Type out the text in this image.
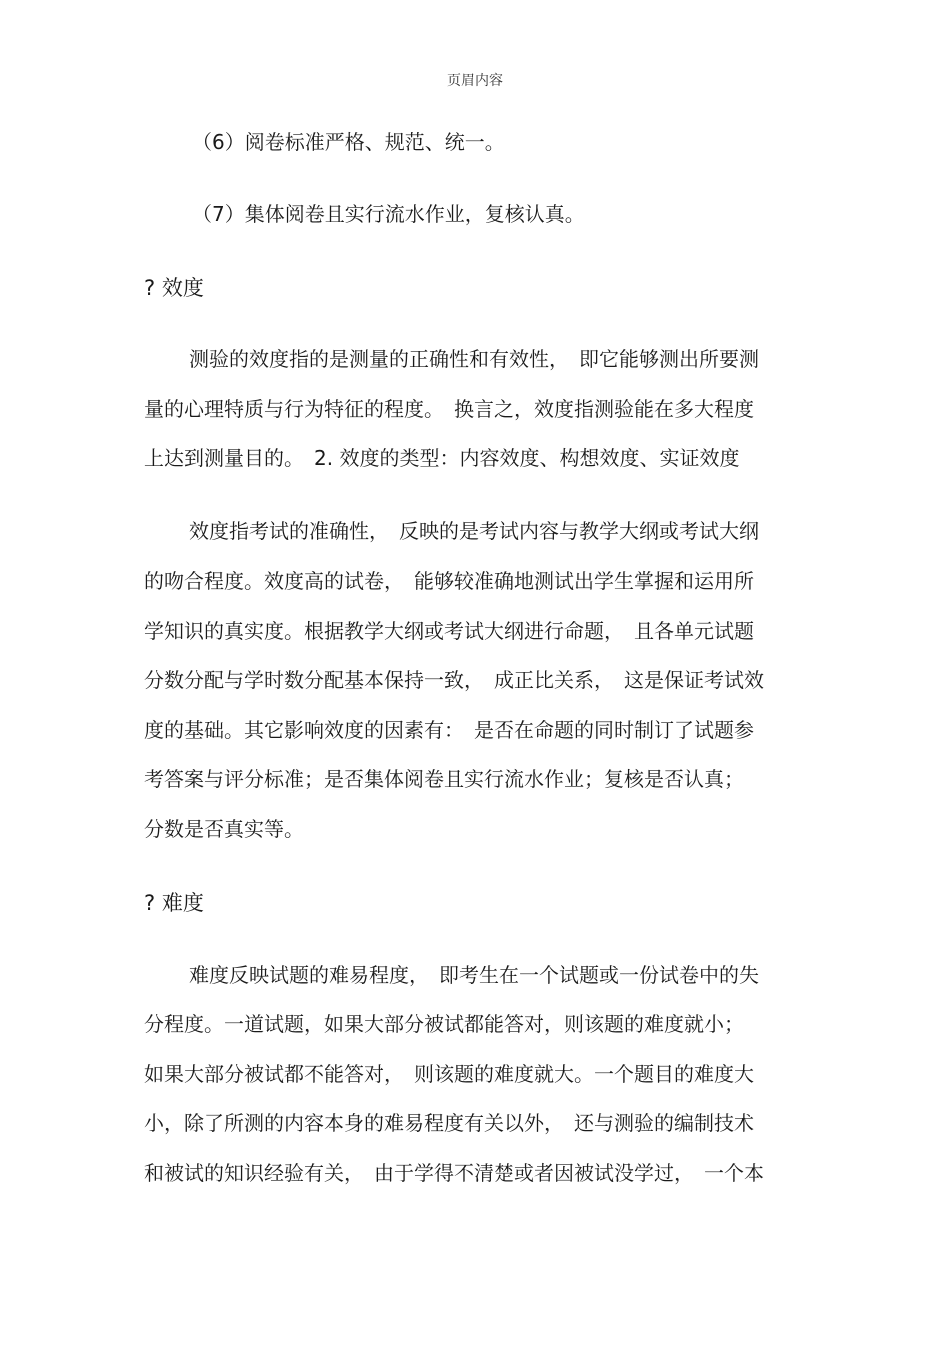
页眉内容
（6）阅卷标准严格、规范、统一。
（7）集体阅卷且实行流水作业，复核认真。
? 效度
测验的效度指的是测量的正确性和有效性，　即它能够测出所要测
量的心理特质与行为特征的程度。　换言之，效度指测验能在多大程度
上达到测量目的。　2. 效度的类型：内容效度、构想效度、实证效度
效度指考试的准确性，　反映的是考试内容与教学大纲或考试大纲
的吻合程度。效度高的试卷，　能够较准确地测试出学生掌握和运用所
学知识的真实度。根据教学大纲或考试大纲进行命题，　且各单元试题
分数分配与学时数分配基本保持一致，　成正比关系，　这是保证考试效
度的基础。其它影响效度的因素有：　是否在命题的同时制订了试题参
考答案与评分标准；是否集体阅卷且实行流水作业；复核是否认真；
分数是否真实等。
? 难度
难度反映试题的难易程度，　即考生在一个试题或一份试卷中的失
分程度。一道试题，如果大部分被试都能答对，则该题的难度就小；
如果大部分被试都不能答对，　则该题的难度就大。一个题目的难度大
小，除了所测的内容本身的难易程度有关以外，　还与测验的编制技术
和被试的知识经验有关，　由于学得不清楚或者因被试没学过，　一个本
